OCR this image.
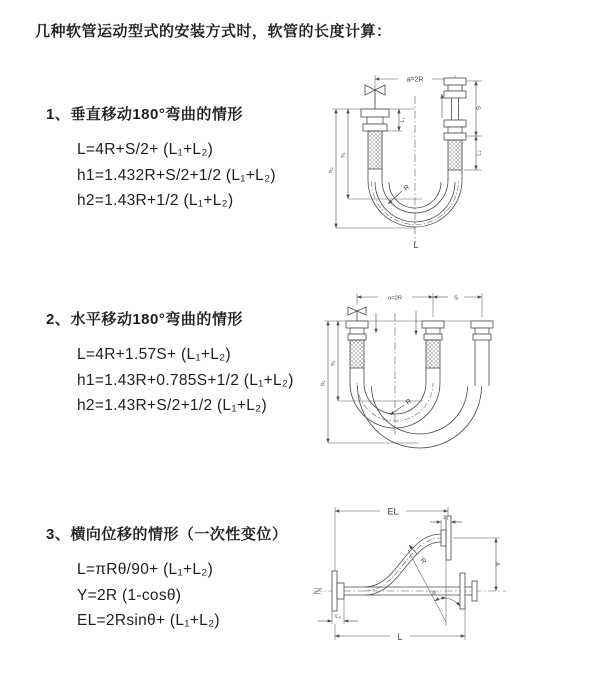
几种软管运动型式的安装方式时，软管的长度计算：
1、垂直移动180°弯曲的情形
L=4R+S/2+ (L₁+L₂)
h1=1.432R+S/2+1/2 (L₁+L₂)
h2=1.43R+1/2 (L₁+L₂)
2、水平移动180°弯曲的情形
L=4R+1.57S+ (L₁+L₂)
h1=1.43R+0.785S+1/2 (L₁+L₂)
h2=1.43R+S/2+1/2 (L₁+L₂)
3、横向位移的情形（一次性变位）
L=πRθ/90+ (L₁+L₂)
Y=2R (1-cosθ)
EL=2Rsinθ+ (L₁+L₂)
a=2R
L₁
S
L₂
h₁
h₂
R
L
a=2R	S
h₁
h₂
R
θ
R
EL
L₁
Y
L₂
L
